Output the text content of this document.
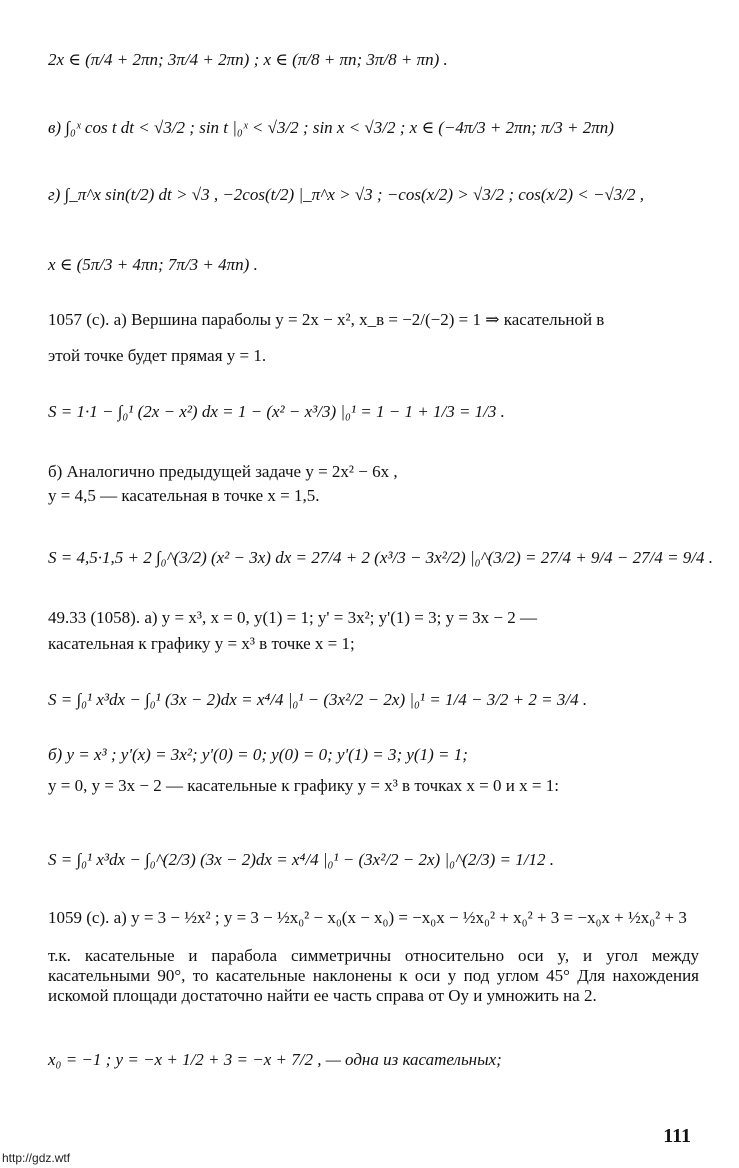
2x ∈ (π/4 + 2πn; 3π/4 + 2πn) ; x ∈ (π/8 + πn; 3π/8 + πn) .
в) ∫₀ˣ cos t dt < √3/2 ; sin t |₀ˣ < √3/2 ; sin x < √3/2 ; x ∈ (−4π/3 + 2πn; π/3 + 2πn)
г) ∫_π^x sin(t/2) dt > √3 , −2cos(t/2) |_π^x > √3 ; −cos(x/2) > √3/2 ; cos(x/2) < −√3/2 ,
x ∈ (5π/3 + 4πn; 7π/3 + 4πn) .
1057 (с). а) Вершина параболы y = 2x − x², x_в = −2/(−2) = 1 ⇒ касательной в
этой точке будет прямая y = 1.
S = 1·1 − ∫₀¹ (2x − x²) dx = 1 − (x² − x³/3) |₀¹ = 1 − 1 + 1/3 = 1/3 .
б) Аналогично предыдущей задаче y = 2x² − 6x ,
y = 4,5 — касательная в точке x = 1,5.
S = 4,5·1,5 + 2 ∫₀^(3/2) (x² − 3x) dx = 27/4 + 2 (x³/3 − 3x²/2) |₀^(3/2) = 27/4 + 9/4 − 27/4 = 9/4 .
49.33 (1058). а) y = x³, x = 0, y(1) = 1; y' = 3x²; y'(1) = 3; y = 3x − 2 —
касательная к графику y = x³ в точке x = 1;
S = ∫₀¹ x³dx − ∫₀¹ (3x − 2)dx = x⁴/4 |₀¹ − (3x²/2 − 2x) |₀¹ = 1/4 − 3/2 + 2 = 3/4 .
б) y = x³ ; y'(x) = 3x²; y'(0) = 0; y(0) = 0; y'(1) = 3; y(1) = 1;
y = 0, y = 3x − 2 — касательные к графику y = x³ в точках x = 0 и x = 1:
S = ∫₀¹ x³dx − ∫₀^(2/3) (3x − 2)dx = x⁴/4 |₀¹ − (3x²/2 − 2x) |₀^(2/3) = 1/12 .
1059 (с). а) y = 3 − ½x² ; y = 3 − ½x₀² − x₀(x − x₀) = −x₀x − ½x₀² + x₀² + 3 = −x₀x + ½x₀² + 3
т.к. касательные и парабола симметричны относительно оси y, и угол между касательными 90°, то касательные наклонены к оси y под углом 45° Для нахождения искомой площади достаточно найти ее часть справа от Oy и умножить на 2.
x₀ = −1 ; y = −x + 1/2 + 3 = −x + 7/2 , — одна из касательных;
111
http://gdz.wtf
